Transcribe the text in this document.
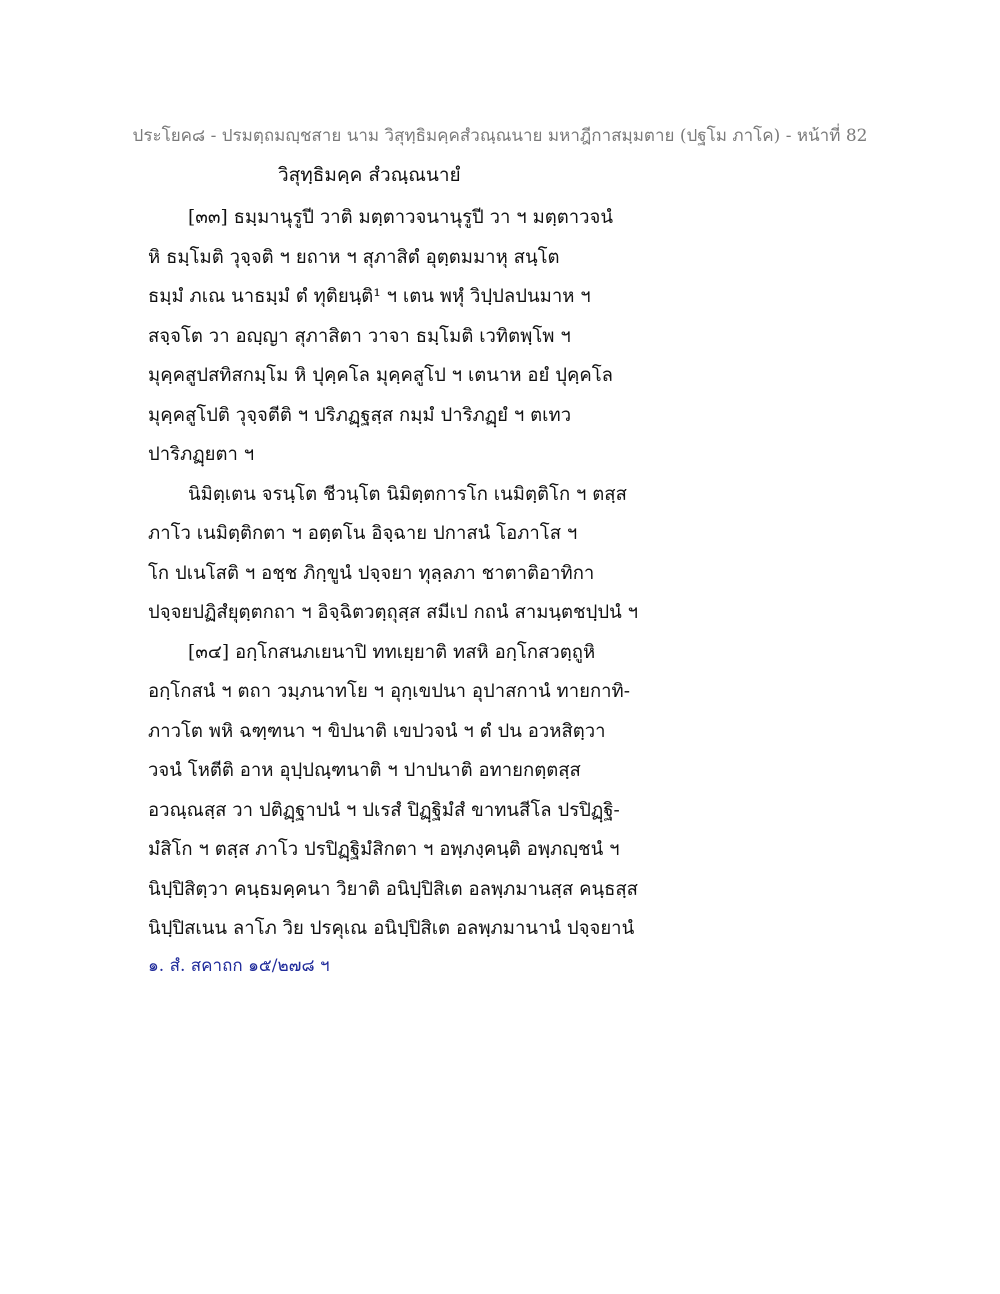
ประโยค๘ - ปรมตฺถมญฺชสาย นาม วิสุทฺธิมคฺคสํวณฺณนาย มหาฎีกาสมฺมตาย (ปฐโม ภาโค) - หน้าที่ 82
วิสุทฺธิมคฺค สํวณฺณนายํ
[๓๓] ธมฺมานุรูปี วาติ มตฺตาวจนานุรูปี วา ฯ มตฺตาวจนํ
หิ ธมฺโมติ วุจฺจติ ฯ ยถาห ฯ สุภาสิตํ อุตฺตมมาหุ สนฺโต
ธมฺมํ ภเณ นาธมฺมํ ตํ ทุติยนฺติ¹ ฯ เตน พหุํ วิปฺปลปนมาห ฯ
สจฺจโต วา อญฺญา สุภาสิตา วาจา ธมฺโมติ เวทิตพฺโพ ฯ
มุคฺคสูปสทิสกมฺโม หิ ปุคฺคโล มุคฺคสูโป ฯ เตนาห อยํ ปุคฺคโล
มุคฺคสูโปติ วุจฺจตีติ ฯ ปริภฏฺฐสฺส กมฺมํ ปาริภฏฺยํ ฯ ตเทว
ปาริภฏฺยตา ฯ
นิมิตฺเตน จรนฺโต ชีวนฺโต นิมิตฺตการโก เนมิตฺติโก ฯ ตสฺส
ภาโว เนมิตฺติกตา ฯ อตฺตโน อิจฺฉาย ปกาสนํ โอภาโส ฯ
โก ปเนโสติ ฯ อชฺช ภิกฺขูนํ ปจฺจยา ทุลฺลภา ชาตาติอาทิกา
ปจฺจยปฏิสํยุตฺตกถา ฯ อิจฺฉิตวตฺถุสฺส สมีเป กถนํ สามนฺตชปฺปนํ ฯ
[๓๔] อกฺโกสนภเยนาปิ ททเยฺยาติ ทสหิ อกฺโกสวตฺถูหิ
อกฺโกสนํ ฯ ตถา วมฺภนาทโย ฯ อุกฺเขปนา อุปาสกานํ ทายกาทิ-
ภาวโต พหิ ฉฑฺฑนา ฯ ขิปนาติ เขปวจนํ ฯ ตํ ปน อวหสิตฺวา
วจนํ โหตีติ อาห อุปฺปณฺฑนาติ ฯ ปาปนาติ อทายกตฺตสฺส
อวณฺณสฺส วา ปติฏฺฐาปนํ ฯ ปเรสํ ปิฏฺฐิมํสํ ขาทนสีโล ปรปิฏฺฐิ-
มํสิโก ฯ ตสฺส ภาโว ปรปิฏฺฐิมํสิกตา ฯ อพฺภงฺคนฺติ อพฺภญฺชนํ ฯ
นิปฺปิสิตฺวา คนฺธมคฺคนา วิยาติ อนิปฺปิสิเต อลพฺภมานสฺส คนฺธสฺส
นิปฺปิสเนน ลาโภ วิย ปรคุเณ อนิปฺปิสิเต อลพฺภมานานํ ปจฺจยานํ
๑. สํ. สคาถก ๑๕/๒๗๘ ฯ
